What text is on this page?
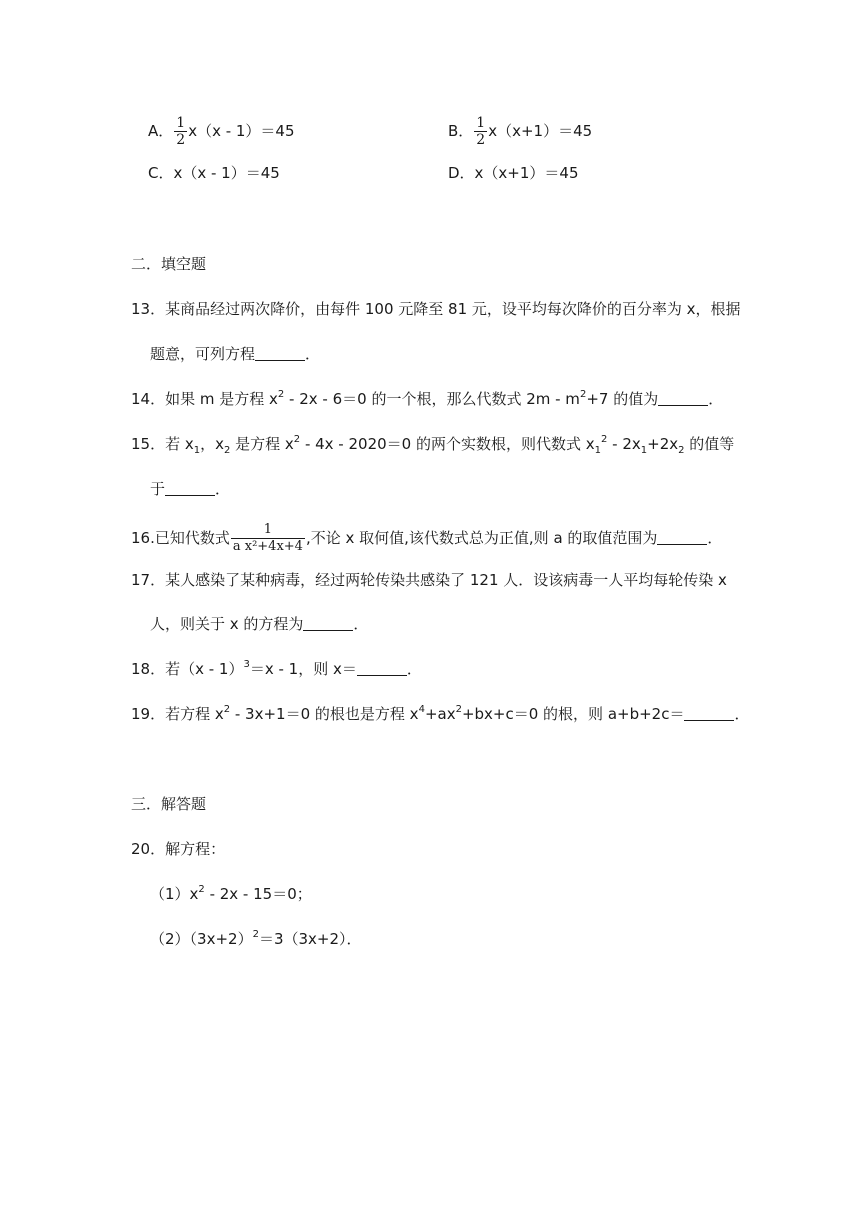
A． $\frac{1}{2} x(x - 1)=45$	B． $\frac{1}{2} x(x+1)=45$
C．x（x - 1）＝45	D．x（x+1）＝45
二．填空题
13．某商品经过两次降价，由每件 100 元降至 81 元，设平均每次降价的百分率为 x，根据
题意，可列方程	．
14．如果 m 是方程 $x^2 - 2x - 6=0$ 的一个根，那么代数式 $2m - m^2+7$ 的值为	．
15．若 $x_1$，$x_2$ 是方程 $x^2 - 4x - 2020=0$ 的两个实数根，则代数式 $x_1^2 - 2x_1+2x_2$ 的值等
于	．
16.已知代数式 $\frac{1}{\text{a x²+4x+4}}$ ,不论 x 取何值,该代数式总为正值,则 a 的取值范围为	．
17．某人感染了某种病毒，经过两轮传染共感染了 121 人．设该病毒一人平均每轮传染 x
人，则关于 x 的方程为	．
18．若（x - 1）$^3$＝x - 1，则 x＝	．
19．若方程 $x^2 - 3x+1=0$ 的根也是方程 $x^4+ax^2+bx+c=0$ 的根，则 a+b+2c＝	．
三．解答题
20．解方程：
$(1)x^2 - 2x - 15=0$；
$(2)(3x+2)^2=3(3x+2)$．
